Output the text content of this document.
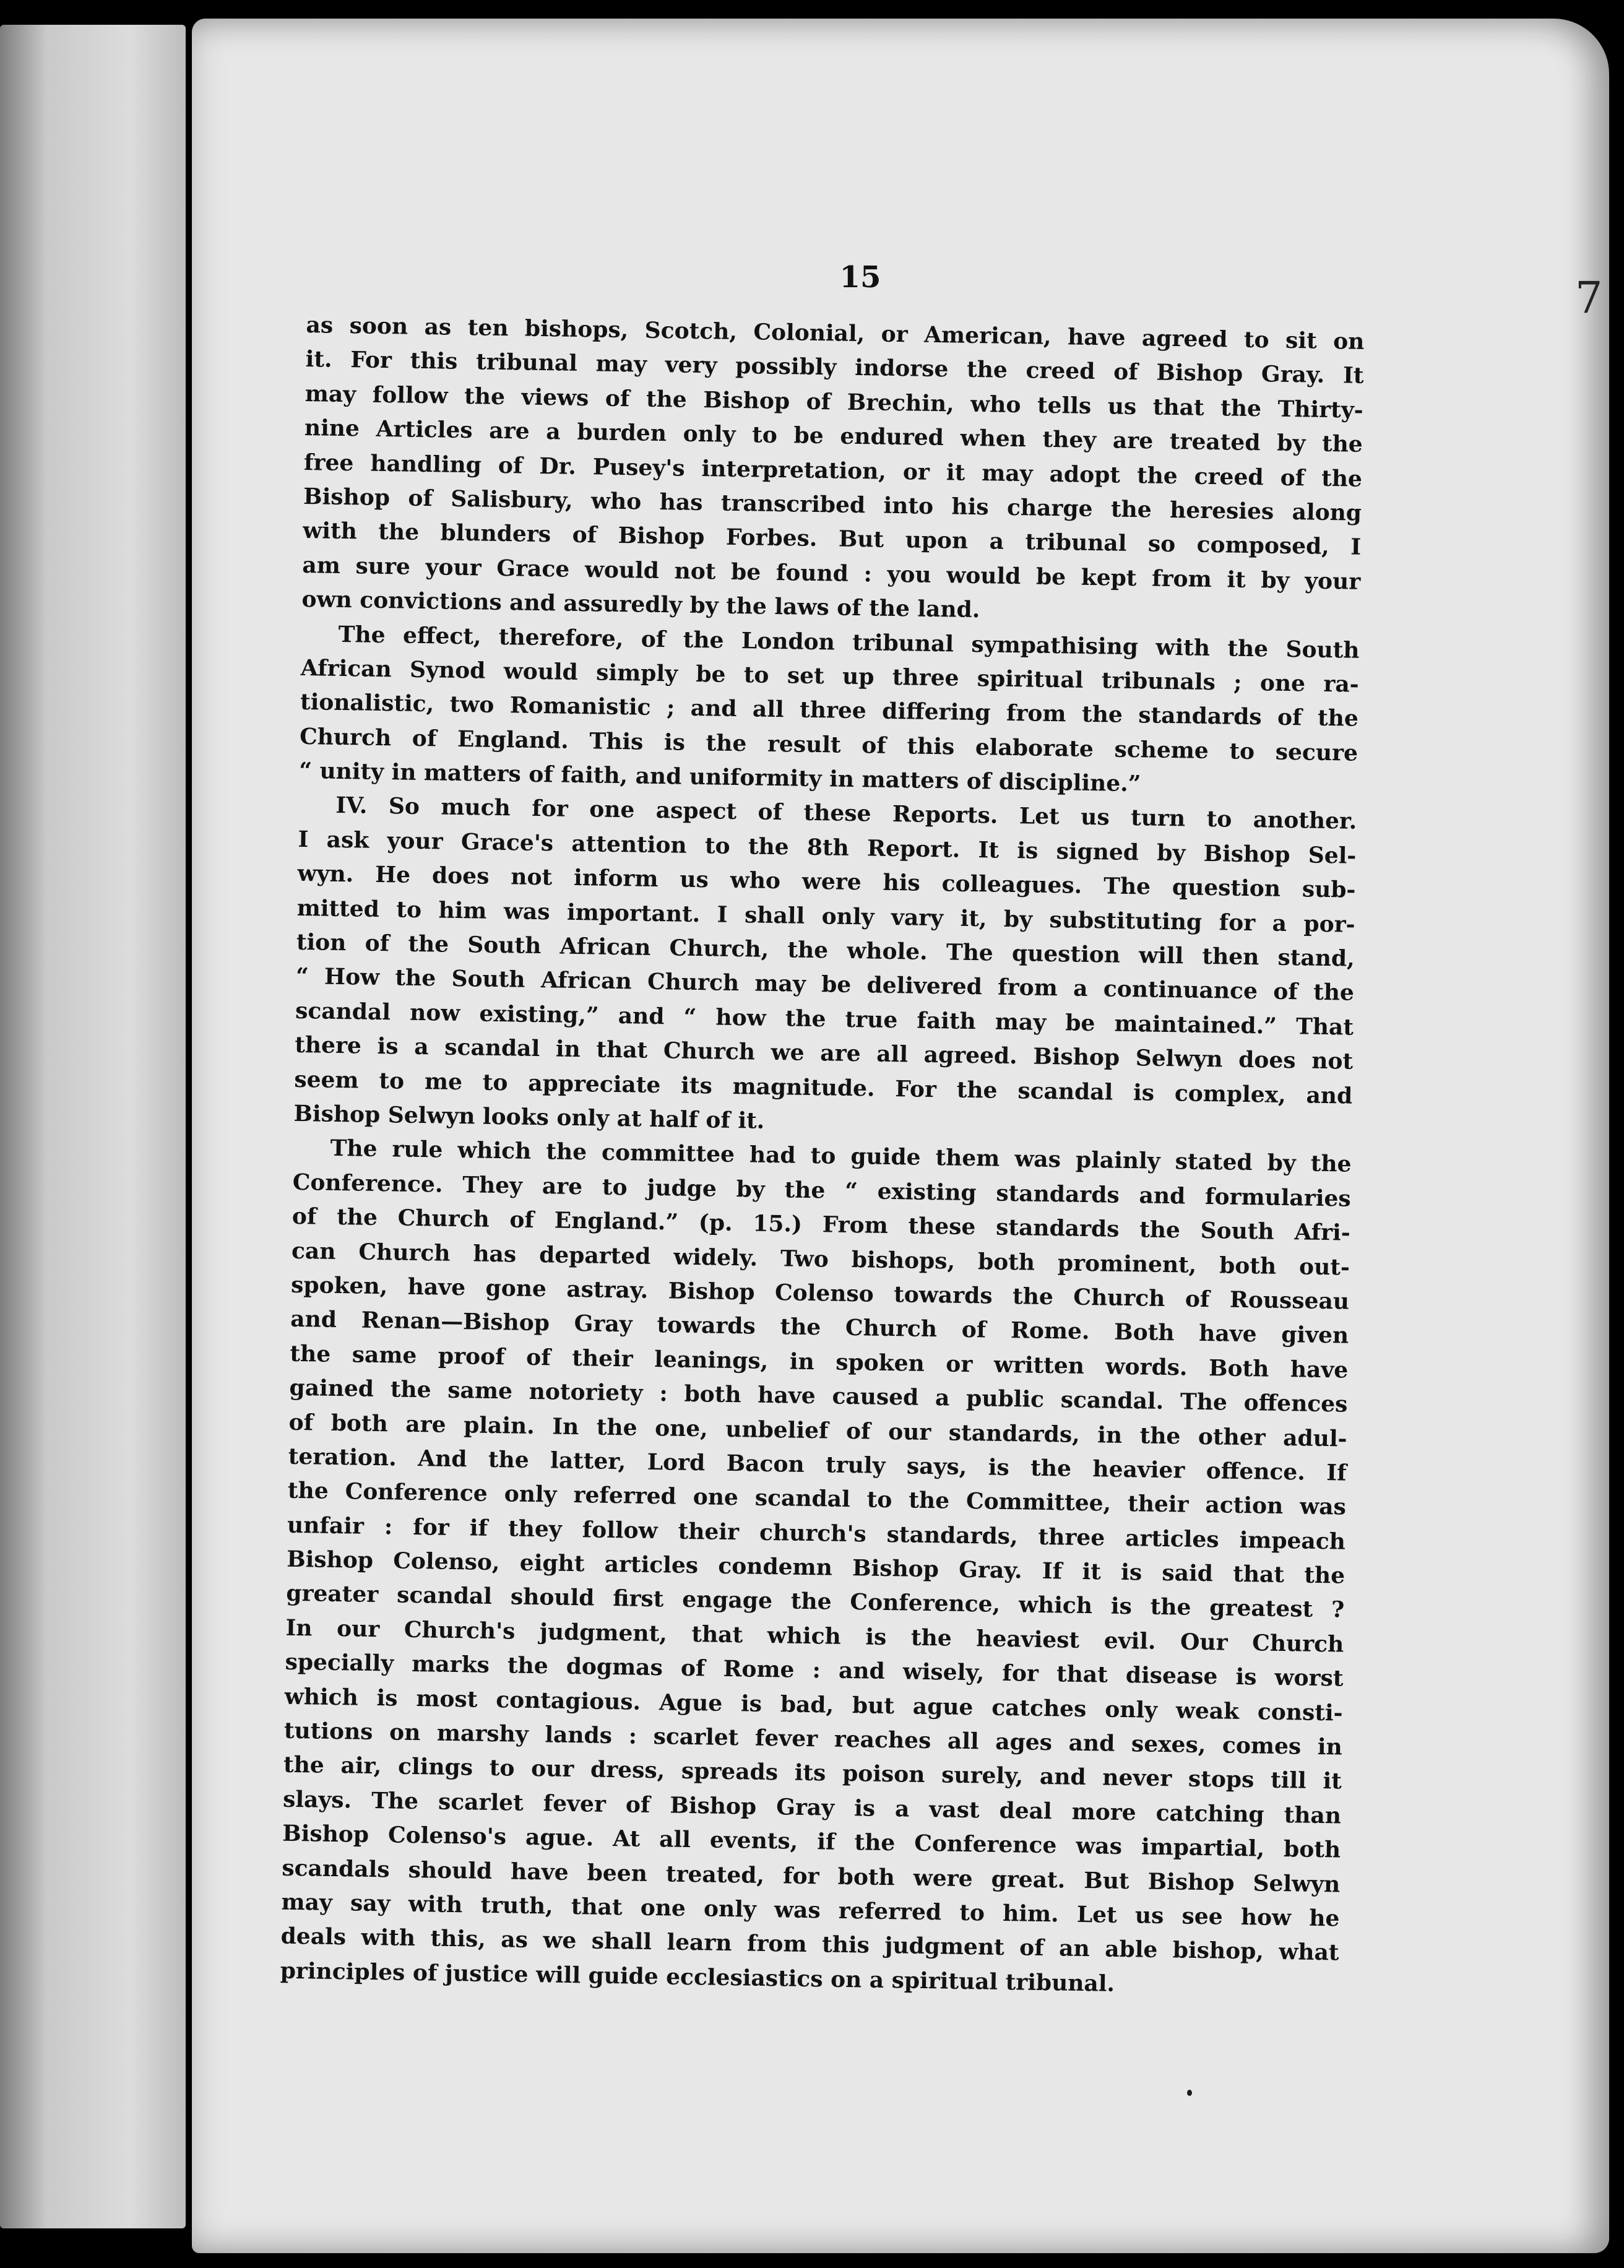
15	7
as soon as ten bishops, Scotch, Colonial, or American, have agreed to sit on
it. For this tribunal may very possibly indorse the creed of Bishop Gray. It
may follow the views of the Bishop of Brechin, who tells us that the Thirty-
nine Articles are a burden only to be endured when they are treated by the
free handling of Dr. Pusey's interpretation, or it may adopt the creed of the
Bishop of Salisbury, who has transcribed into his charge the heresies along
with the blunders of Bishop Forbes. But upon a tribunal so composed, I
am sure your Grace would not be found : you would be kept from it by your
own convictions and assuredly by the laws of the land.
The effect, therefore, of the London tribunal sympathising with the South
African Synod would simply be to set up three spiritual tribunals ; one ra-
tionalistic, two Romanistic ; and all three differing from the standards of the
Church of England. This is the result of this elaborate scheme to secure
“ unity in matters of faith, and uniformity in matters of discipline.”
IV. So much for one aspect of these Reports. Let us turn to another.
I ask your Grace's attention to the 8th Report. It is signed by Bishop Sel-
wyn. He does not inform us who were his colleagues. The question sub-
mitted to him was important. I shall only vary it, by substituting for a por-
tion of the South African Church, the whole. The question will then stand,
“ How the South African Church may be delivered from a continuance of the
scandal now existing,” and “ how the true faith may be maintained.” That
there is a scandal in that Church we are all agreed. Bishop Selwyn does not
seem to me to appreciate its magnitude. For the scandal is complex, and
Bishop Selwyn looks only at half of it.
The rule which the committee had to guide them was plainly stated by the
Conference. They are to judge by the “ existing standards and formularies
of the Church of England.” (p. 15.) From these standards the South Afri-
can Church has departed widely. Two bishops, both prominent, both out-
spoken, have gone astray. Bishop Colenso towards the Church of Rousseau
and Renan—Bishop Gray towards the Church of Rome. Both have given
the same proof of their leanings, in spoken or written words. Both have
gained the same notoriety : both have caused a public scandal. The offences
of both are plain. In the one, unbelief of our standards, in the other adul-
teration. And the latter, Lord Bacon truly says, is the heavier offence. If
the Conference only referred one scandal to the Committee, their action was
unfair : for if they follow their church's standards, three articles impeach
Bishop Colenso, eight articles condemn Bishop Gray. If it is said that the
greater scandal should first engage the Conference, which is the greatest ?
In our Church's judgment, that which is the heaviest evil. Our Church
specially marks the dogmas of Rome : and wisely, for that disease is worst
which is most contagious. Ague is bad, but ague catches only weak consti-
tutions on marshy lands : scarlet fever reaches all ages and sexes, comes in
the air, clings to our dress, spreads its poison surely, and never stops till it
slays. The scarlet fever of Bishop Gray is a vast deal more catching than
Bishop Colenso's ague. At all events, if the Conference was impartial, both
scandals should have been treated, for both were great. But Bishop Selwyn
may say with truth, that one only was referred to him. Let us see how he
deals with this, as we shall learn from this judgment of an able bishop, what
principles of justice will guide ecclesiastics on a spiritual tribunal.
